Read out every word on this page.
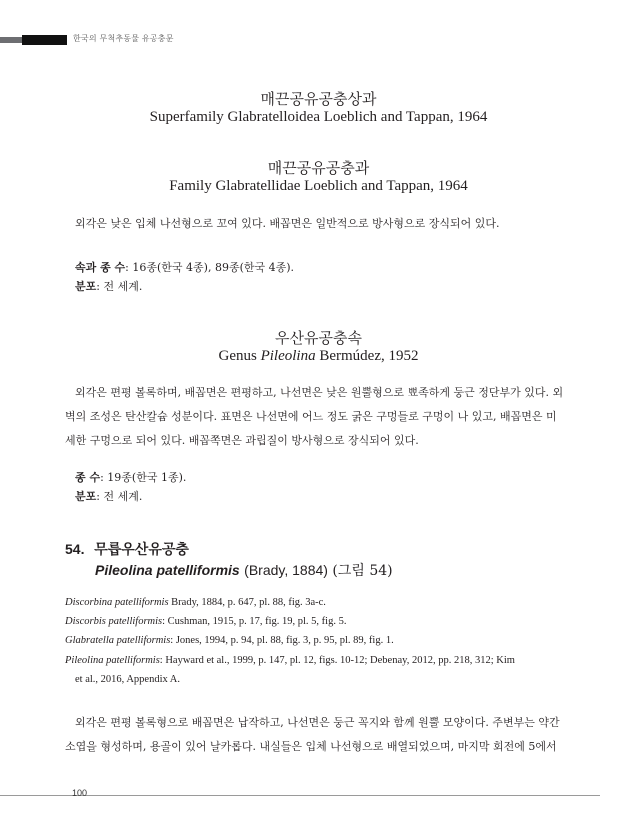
한국의 무척추동물 유공충문
매끈공유공충상과
Superfamily Glabratelloidea Loeblich and Tappan, 1964
매끈공유공충과
Family Glabratellidae Loeblich and Tappan, 1964
외각은 낮은 입체 나선형으로 꼬여 있다. 배꼽면은 일반적으로 방사형으로 장식되어 있다.
속과 종 수: 16종(한국 4종), 89종(한국 4종).
분포: 전 세계.
우산유공충속
Genus Pileolina Bermúdez, 1952
외각은 편평 볼록하며, 배꼽면은 편평하고, 나선면은 낮은 원뿔형으로 뾰족하게 둥근 정단부가 있다. 외
벽의 조성은 탄산칼슘 성분이다. 표면은 나선면에 어느 정도 굵은 구멍들로 구멍이 나 있고, 배꼽면은 미
세한 구멍으로 되어 있다. 배꼽쪽면은 과립질이 방사형으로 장식되어 있다.
종 수: 19종(한국 1종).
분포: 전 세계.
54. 무릅우산유공충
Pileolina patelliformis (Brady, 1884) (그림 54)
Discorbina patelliformis Brady, 1884, p. 647, pl. 88, fig. 3a-c.
Discorbis patelliformis: Cushman, 1915, p. 17, fig. 19, pl. 5, fig. 5.
Glabratella patelliformis: Jones, 1994, p. 94, pl. 88, fig. 3, p. 95, pl. 89, fig. 1.
Pileolina patelliformis: Hayward et al., 1999, p. 147, pl. 12, figs. 10-12; Debenay, 2012, pp. 218, 312; Kim
et al., 2016, Appendix A.
외각은 편평 볼록형으로 배꼽면은 납작하고, 나선면은 둥근 꼭지와 함께 원뿔 모양이다. 주변부는 약간
소엽을 형성하며, 용골이 있어 날카롭다. 내실들은 입체 나선형으로 배열되었으며, 마지막 회전에 5에서
100
